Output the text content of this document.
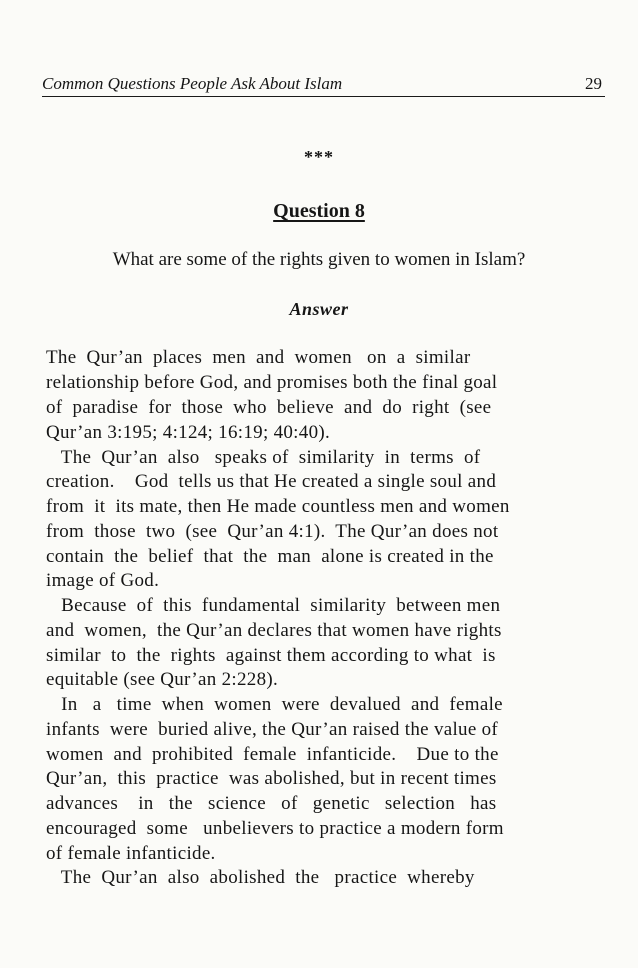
Common Questions People Ask About Islam	29
***
Question 8
What are some of the rights given to women in Islam?
Answer
The  Qur’an  places  men  and  women   on  a  similar
relationship before God, and promises both the final goal
of  paradise  for  those  who  believe  and  do  right  (see
Qur’an 3:195; 4:124; 16:19; 40:40).
The  Qur’an  also   speaks of  similarity  in  terms  of
creation.    God  tells us that He created a single soul and
from  it  its mate, then He made countless men and women
from  those  two  (see  Qur’an 4:1).  The Qur’an does not
contain  the  belief  that  the  man  alone is created in the
image of God.
Because  of  this  fundamental  similarity  between men
and  women,  the Qur’an declares that women have rights
similar  to  the  rights  against them according to what  is
equitable (see Qur’an 2:228).
In   a   time  when  women  were  devalued  and  female
infants  were  buried alive, the Qur’an raised the value of
women  and  prohibited  female  infanticide.    Due to the
Qur’an,  this  practice  was abolished, but in recent times
advances    in   the   science   of   genetic   selection   has
encouraged  some   unbelievers to practice a modern form
of female infanticide.
The  Qur’an  also  abolished  the   practice  whereby
